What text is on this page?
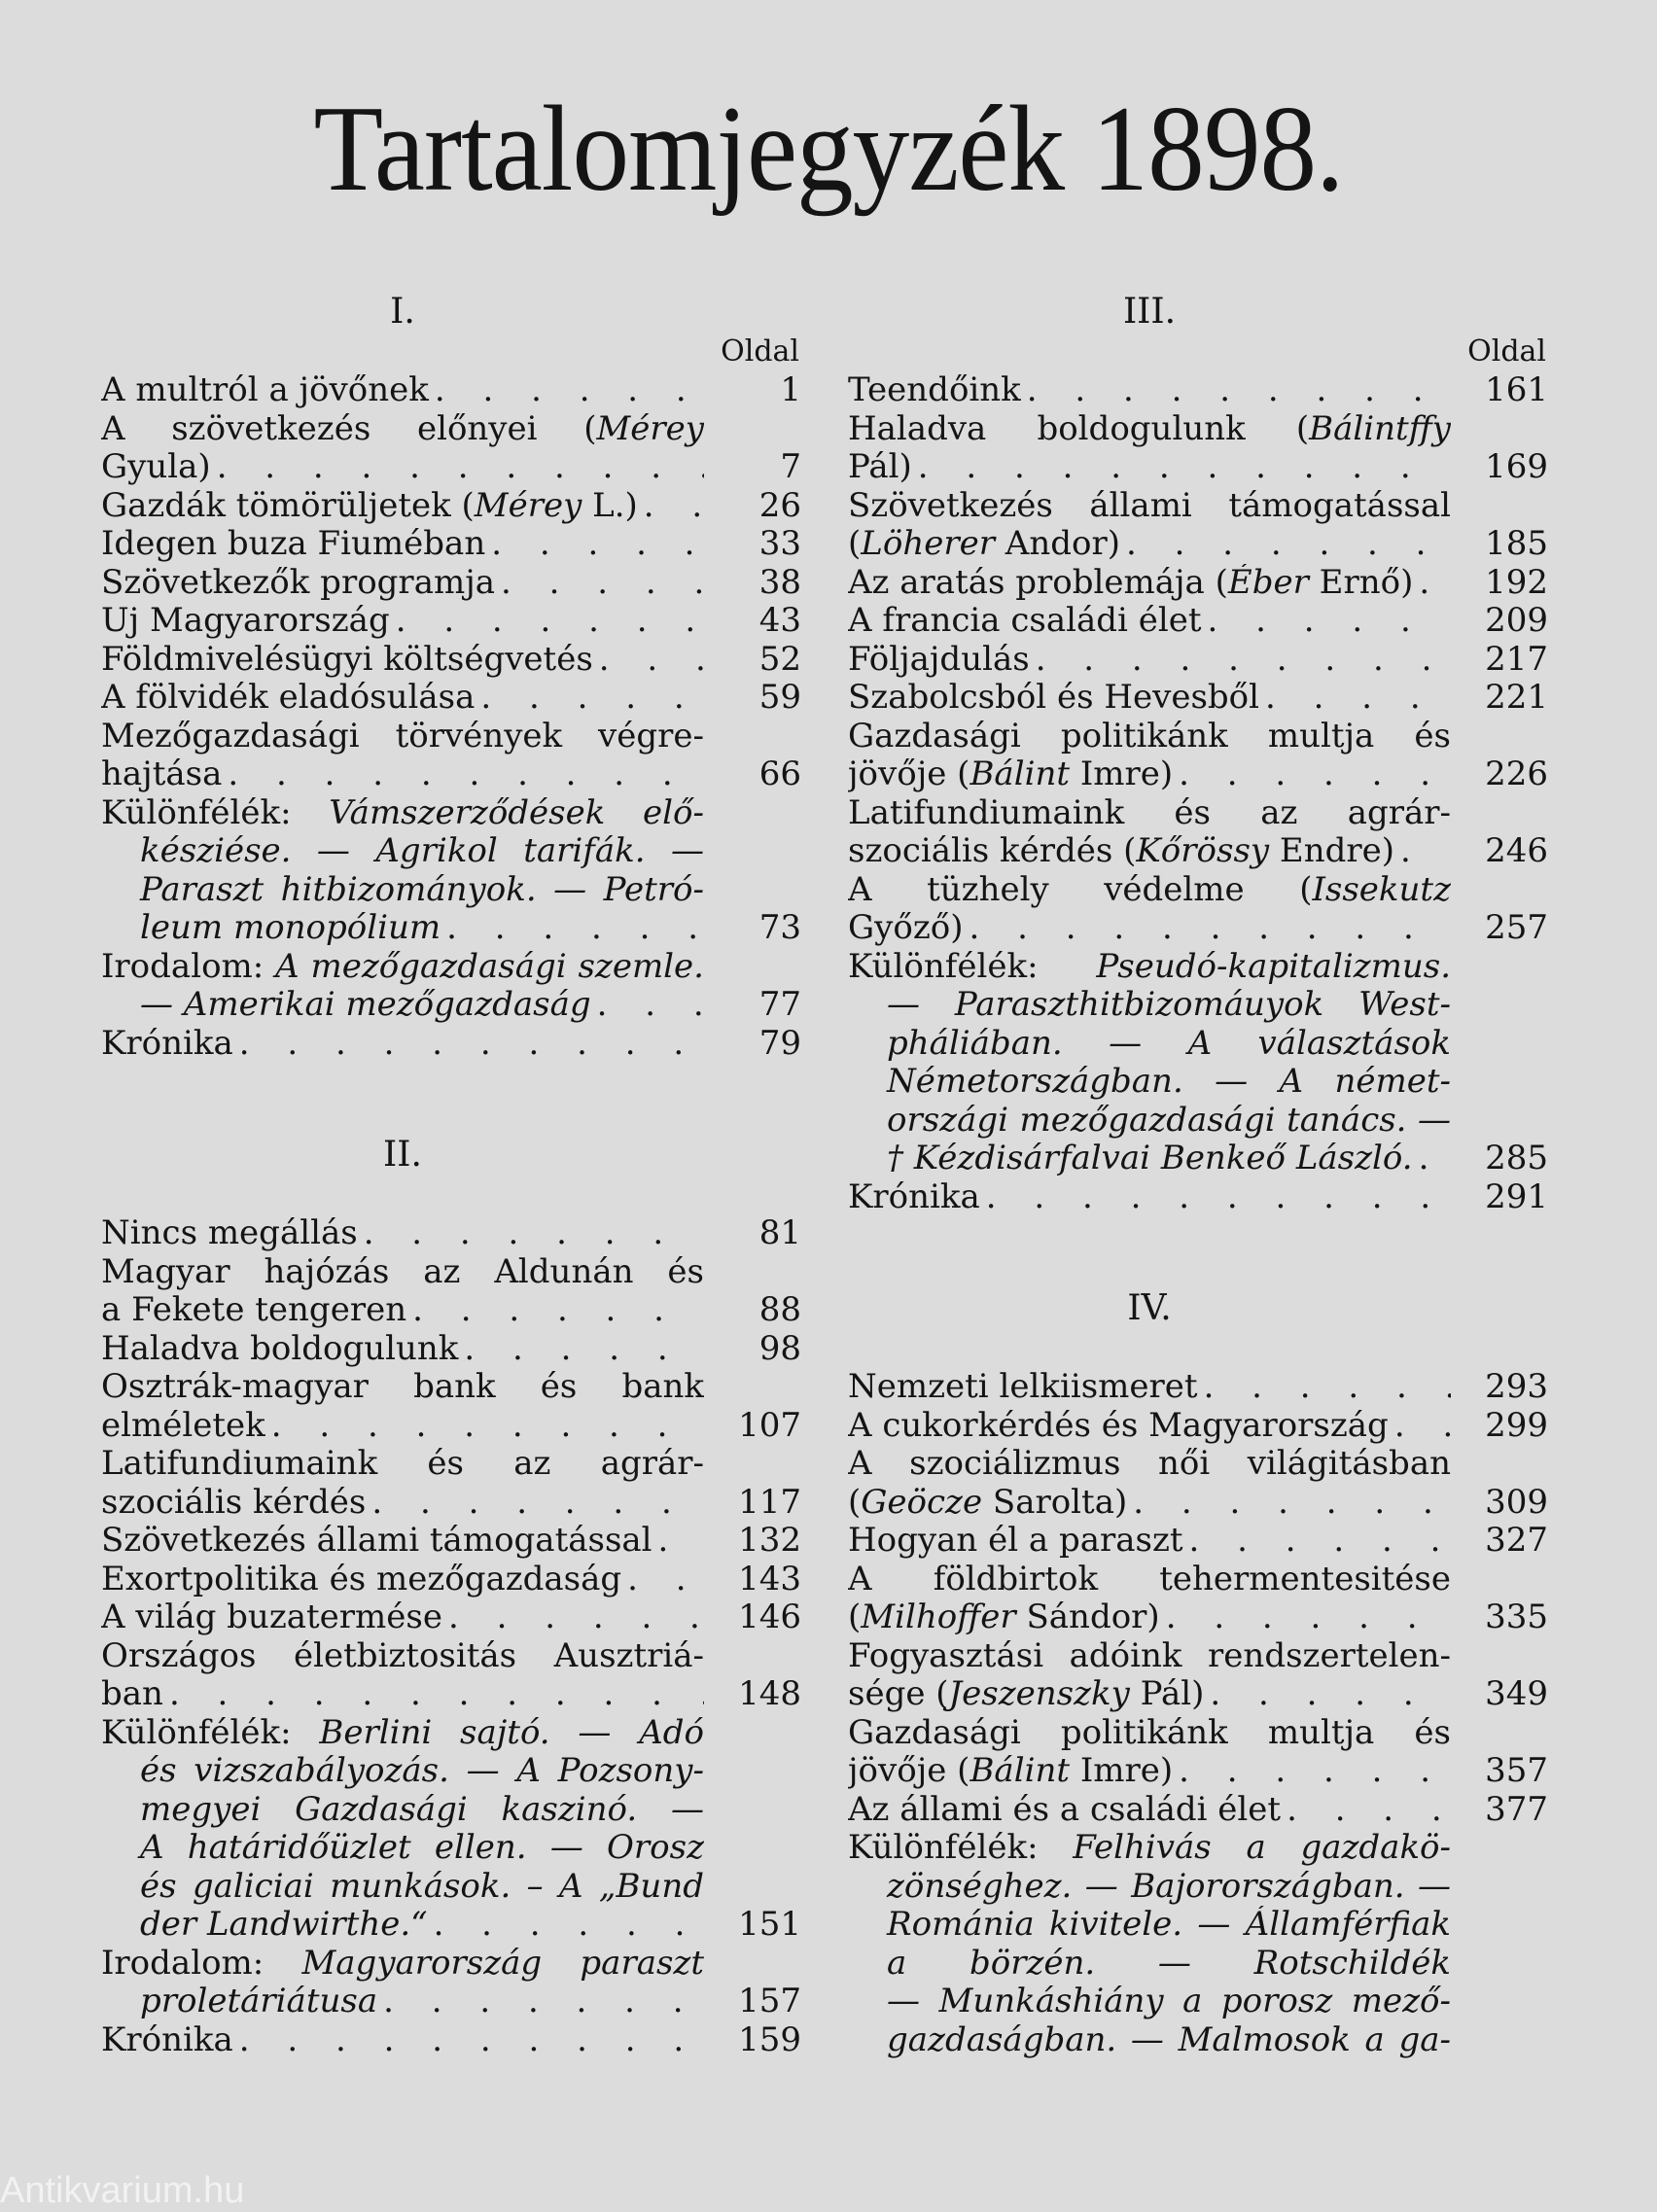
Tartalomjegyzék 1898.
I.
Oldal
A multról a jövőnek . . .	1
A szövetkezés előnyei (Mérey
Gyula) . . .	7
Gazdák tömörüljetek ( Mérey L.) . . .	26
Idegen buza Fiuméban . . .	33
Szövetkezők programja . . .	38
Uj Magyarország . . .	43
Földmivelésügyi költségvetés . . .	52
A fölvidék eladósulása . . .	59
Mezőgazdasági törvények végre-
hajtása . . .	66
Különfélék: Vámszerződések elő-
késziése. — Agrikol tarifák. —
Paraszt hitbizományok. — Petró-
leum monopólium . . .	73
Irodalom: A mezőgazdasági szemle.
— Amerikai mezőgazdaság . . .	77
Krónika . . .	79
II.
Nincs megállás . . .	81
Magyar hajózás az Aldunán és
a Fekete tengeren . . .	88
Haladva boldogulunk . . .	98
Osztrák-magyar bank és bank
elméletek . . .	107
Latifundiumaink és az agrár-
szociális kérdés . . .	117
Szövetkezés állami támogatással . . .	132
Exortpolitika és mezőgazdaság . . .	143
A világ buzatermése . . .	146
Országos életbiztositás Ausztriá-
ban . . .	148
Különfélék: Berlini sajtó. — Adó
és vizszabályozás. — A Pozsony-
megyei Gazdasági kaszinó. —
A határidőüzlet ellen. — Orosz
és galiciai munkások. – A „Bund
der Landwirthe.“ . . .	151
Irodalom: Magyarország paraszt
proletáriátusa . . .	157
Krónika . . .	159
III.
Oldal
Teendőink . . .	161
Haladva boldogulunk (Bálintffy
Pál) . . .	169
Szövetkezés állami támogatással
( Löherer Andor) . . .	185
Az aratás problemája ( Éber Ernő) . . .	192
A francia családi élet . . .	209
Följajdulás . . .	217
Szabolcsból és Hevesből . . .	221
Gazdasági politikánk multja és
jövője ( Bálint Imre) . . .	226
Latifundiumaink és az agrár-
szociális kérdés ( Kőrössy Endre) . . .	246
A tüzhely védelme (Issekutz
Győző) . . .	257
Különfélék: Pseudó-kapitalizmus.
— Paraszthitbizomáuyok West-
pháliában. — A választások
Németországban. — A német-
országi mezőgazdasági tanács. —
† Kézdisárfalvai Benkeő László. . . .	285
Krónika . . .	291
IV.
Nemzeti lelkiismeret . . .	293
A cukorkérdés és Magyarország . . .	299
A szociálizmus női világitásban
( Geöcze Sarolta) . . .	309
Hogyan él a paraszt . . .	327
A földbirtok tehermentesitése
( Milhoffer Sándor) . . .	335
Fogyasztási adóink rendszertelen-
sége ( Jeszenszky Pál) . . .	349
Gazdasági politikánk multja és
jövője ( Bálint Imre) . . .	357
Az állami és a családi élet . . .	377
Különfélék: Felhivás a gazdakö-
zönséghez. — Bajorországban. —
Románia kivitele. — Államférfiak
a börzén. — Rotschildék
— Munkáshiány a porosz mező-
gazdaságban. — Malmosok a ga-
Antikvarium.hu
